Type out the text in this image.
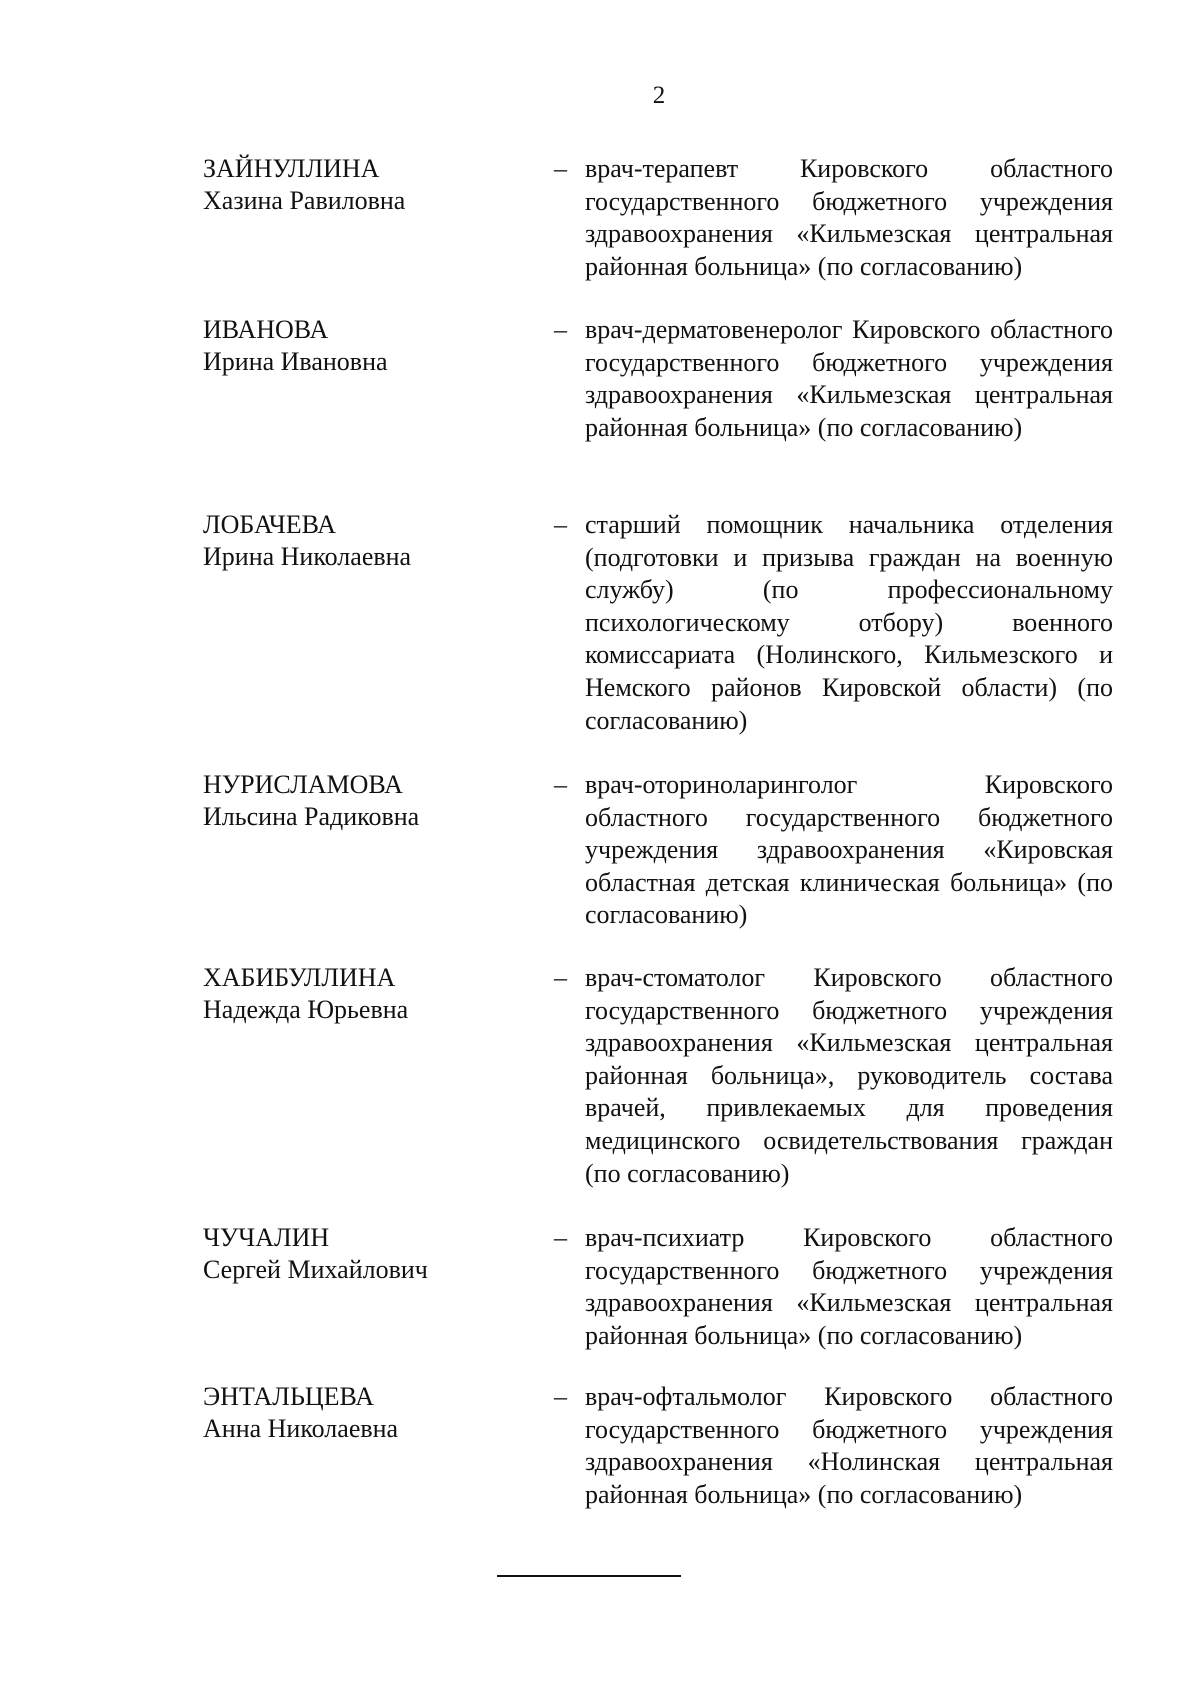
2
ЗАЙНУЛЛИНА
Хазина Равиловна
– врач-терапевт Кировского областного государственного бюджетного учреждения здравоохранения «Кильмезская центральная районная больница» (по согласованию)

ИВАНОВА
Ирина Ивановна
– врач-дерматовенеролог Кировского областного государственного бюджетного учреждения здравоохранения «Кильмезская центральная районная больница» (по согласованию)

ЛОБАЧЕВА
Ирина Николаевна
– старший помощник начальника отделения (подготовки и призыва граждан на военную службу) (по профессиональному психологическому отбору) военного комиссариата (Нолинского, Кильмезского и Немского районов Кировской области) (по согласованию)

НУРИСЛАМОВА
Ильсина Радиковна
– врач-оториноларинголог Кировского областного государственного бюджетного учреждения здравоохранения «Кировская областная детская клиническая больница» (по согласованию)

ХАБИБУЛЛИНА
Надежда Юрьевна
– врач-стоматолог Кировского областного государственного бюджетного учреждения здравоохранения «Кильмезская центральная районная больница», руководитель состава врачей, привлекаемых для проведения медицинского освидетельствования граждан (по согласованию)

ЧУЧАЛИН
Сергей Михайлович
– врач-психиатр Кировского областного государственного бюджетного учреждения здравоохранения «Кильмезская центральная районная больница» (по согласованию)

ЭНТАЛЬЦЕВА
Анна Николаевна
– врач-офтальмолог Кировского областного государственного бюджетного учреждения здравоохранения «Нолинская центральная районная больница» (по согласованию)
